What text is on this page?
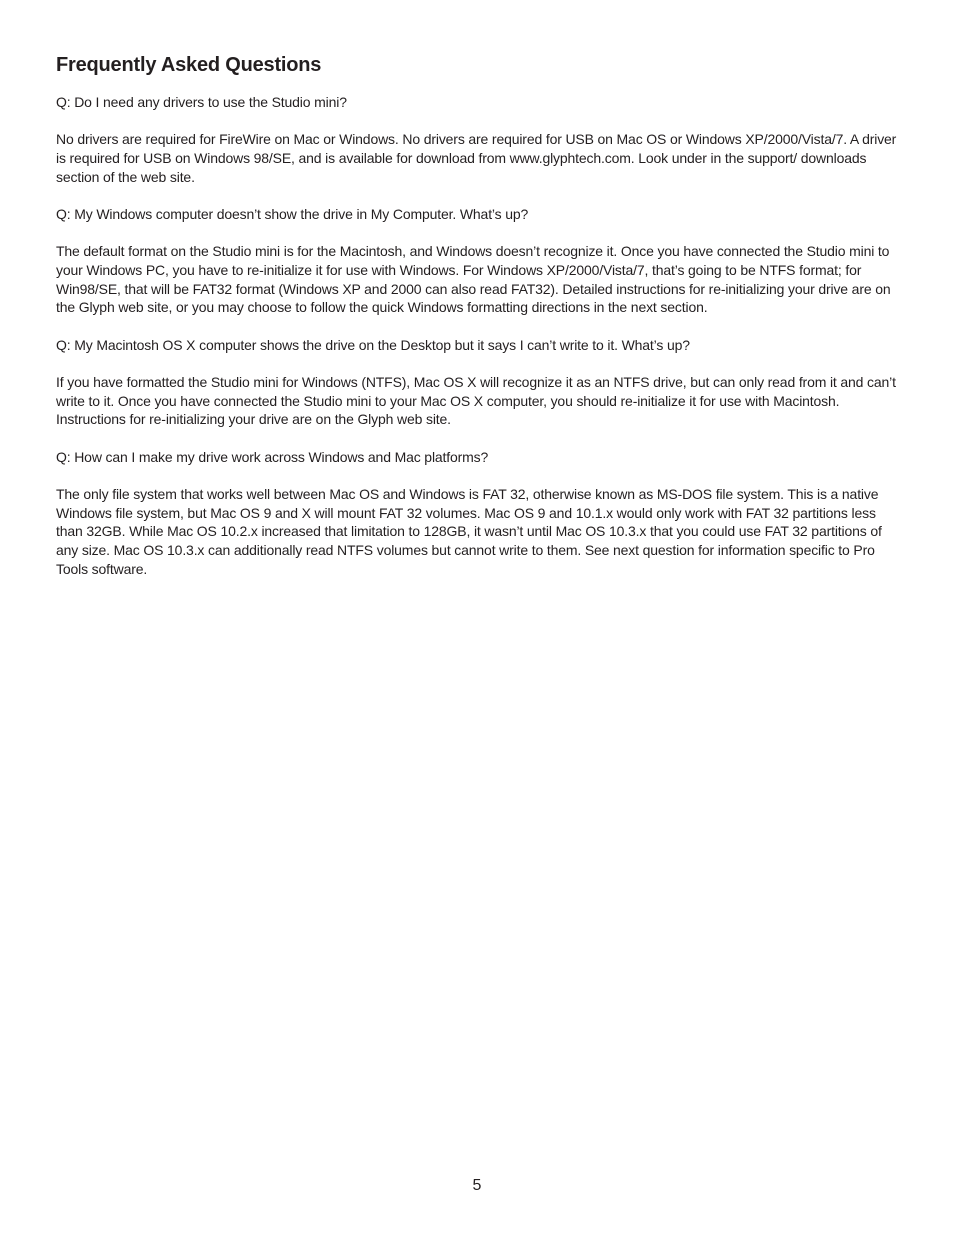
Frequently Asked Questions

Q: Do I need any drivers to use the Studio mini?

No drivers are required for FireWire on Mac or Windows. No drivers are required for USB on Mac OS or Windows XP/2000/Vista/7. A driver is required for USB on Windows 98/SE, and is available for download from www.glyphtech.com. Look under in the support/ downloads section of the web site.

Q: My Windows computer doesn’t show the drive in My Computer. What’s up?

The default format on the Studio mini is for the Macintosh, and Windows doesn’t recognize it. Once you have connected the Studio mini to your Windows PC, you have to re-initialize it for use with Windows. For Windows XP/2000/Vista/7, that’s going to be NTFS format; for Win98/SE, that will be FAT32 format (Windows XP and 2000 can also read FAT32). Detailed instructions for re-initializing your drive are on the Glyph web site, or you may choose to follow the quick Windows formatting directions in the next section.

Q: My Macintosh OS X computer shows the drive on the Desktop but it says I can’t write to it. What’s up?

If you have formatted the Studio mini for Windows (NTFS), Mac OS X will recognize it as an NTFS drive, but can only read from it and can’t write to it. Once you have connected the Studio mini to your Mac OS X computer, you should re-initialize it for use with Macintosh. Instructions for re-initializing your drive are on the Glyph web site.

Q: How can I make my drive work across Windows and Mac platforms?

The only file system that works well between Mac OS and Windows is FAT 32, otherwise known as MS-DOS file system. This is a native Windows file system, but Mac OS 9 and X will mount FAT 32 volumes. Mac OS 9 and 10.1.x would only work with FAT 32 partitions less than 32GB. While Mac OS 10.2.x increased that limitation to 128GB, it wasn’t until Mac OS 10.3.x that you could use FAT 32 partitions of any size. Mac OS 10.3.x can additionally read NTFS volumes but cannot write to them. See next question for information specific to Pro Tools software.

5
